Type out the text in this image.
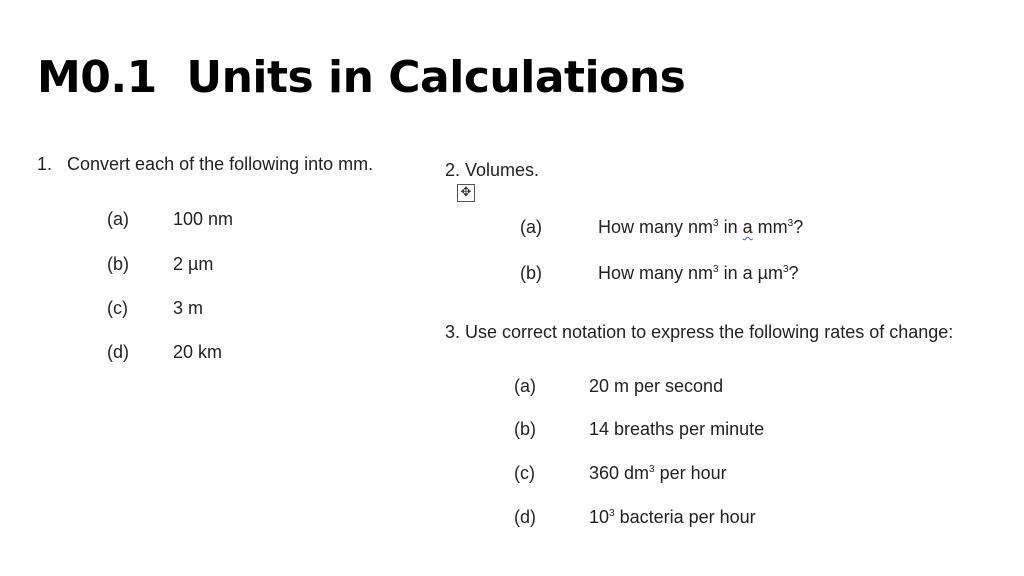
M0.1  Units in Calculations
1.   Convert each of the following into mm.
(a) 100 nm
(b) 2 µm
(c)	3 m
(d) 20 km
2. Volumes.
✥
(a)	How many $nm^3$ in a $mm^3$?
(b)	How many $nm^3$ in a µm$^3$?
3. Use correct notation to express the following rates of change:
(a)	20 m per second
(b)	14 breaths per minute
(c)	360 $dm^3$ per hour
(d)	$10^3$ bacteria per hour
